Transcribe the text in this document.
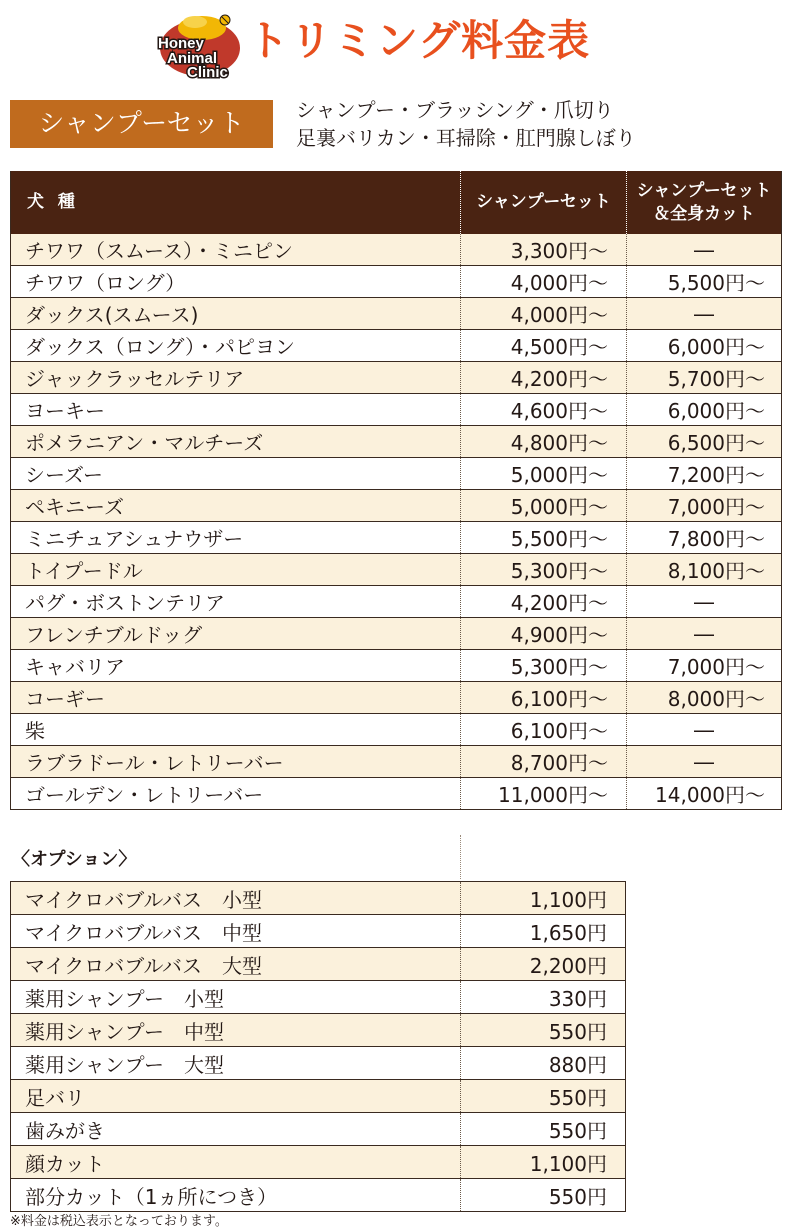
Honey
Animal
Clinic
トリミング料金表
シャンプーセット	シャンプー・ブラッシング・爪切り
足裏バリカン・耳掃除・肛門腺しぼり
犬 種	シャンプーセット	シャンプーセット
＆全身カット

チワワ（スムース）・ミニピン	3,300円〜	―
チワワ（ロング）	4,000円〜	5,500円〜
ダックス(スムース)	4,000円〜	―
ダックス（ロング）・パピヨン	4,500円〜	6,000円〜
ジャックラッセルテリア	4,200円〜	5,700円〜
ヨーキー	4,600円〜	6,000円〜
ポメラニアン・マルチーズ	4,800円〜	6,500円〜
シーズー	5,000円〜	7,200円〜
ペキニーズ	5,000円〜	7,000円〜
ミニチュアシュナウザー	5,500円〜	7,800円〜
トイプードル	5,300円〜	8,100円〜
パグ・ボストンテリア	4,200円〜	―
フレンチブルドッグ	4,900円〜	―
キャバリア	5,300円〜	7,000円〜
コーギー	6,100円〜	8,000円〜
柴	6,100円〜	―
ラブラドール・レトリーバー	8,700円〜	―
ゴールデン・レトリーバー	11,000円〜	14,000円〜
〈オプション〉
マイクロバブルバス　小型	1,100円
マイクロバブルバス　中型	1,650円
マイクロバブルバス　大型	2,200円
薬用シャンプー　小型	330円
薬用シャンプー　中型	550円
薬用シャンプー　大型	880円
足バリ	550円
歯みがき	550円
顔カット	1,100円
部分カット（1ヵ所につき）	550円
※料金は税込表示となっております。
